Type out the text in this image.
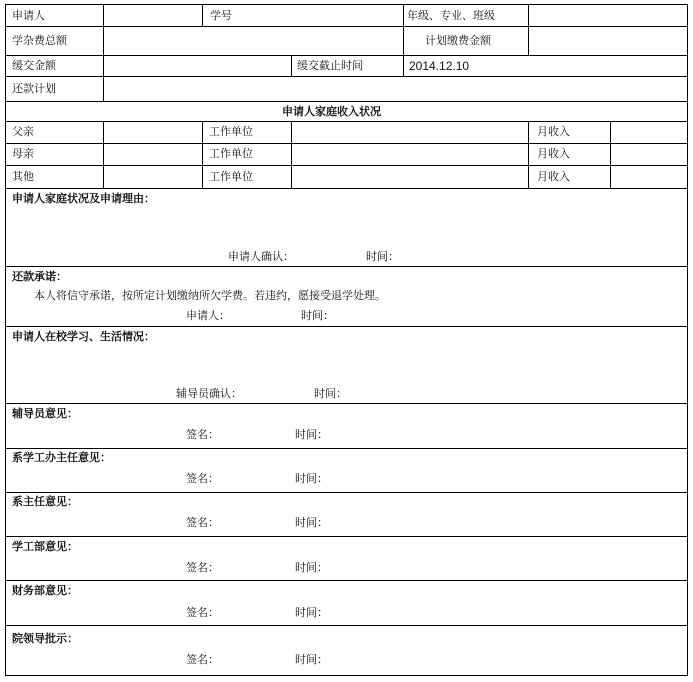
申请人	学号	年级、专业、班级
学杂费总额	计划缴费金额
缓交金额	缓交截止时间	2014.12.10
还款计划
申请人家庭收入状况
父亲	工作单位	月收入
母亲	工作单位	月收入
其他	工作单位	月收入
申请人家庭状况及申请理由：
申请人确认：	时间：
还款承诺：
本人将信守承诺，按所定计划缴纳所欠学费。若违约，愿接受退学处理。
申请人：	时间：
申请人在校学习、生活情况：
辅导员确认：	时间：
辅导员意见：
签名：	时间：
系学工办主任意见：
签名：	时间：
系主任意见：
签名：	时间：
学工部意见：
签名：	时间：
财务部意见：
签名：	时间：
院领导批示：
签名：	时间：
